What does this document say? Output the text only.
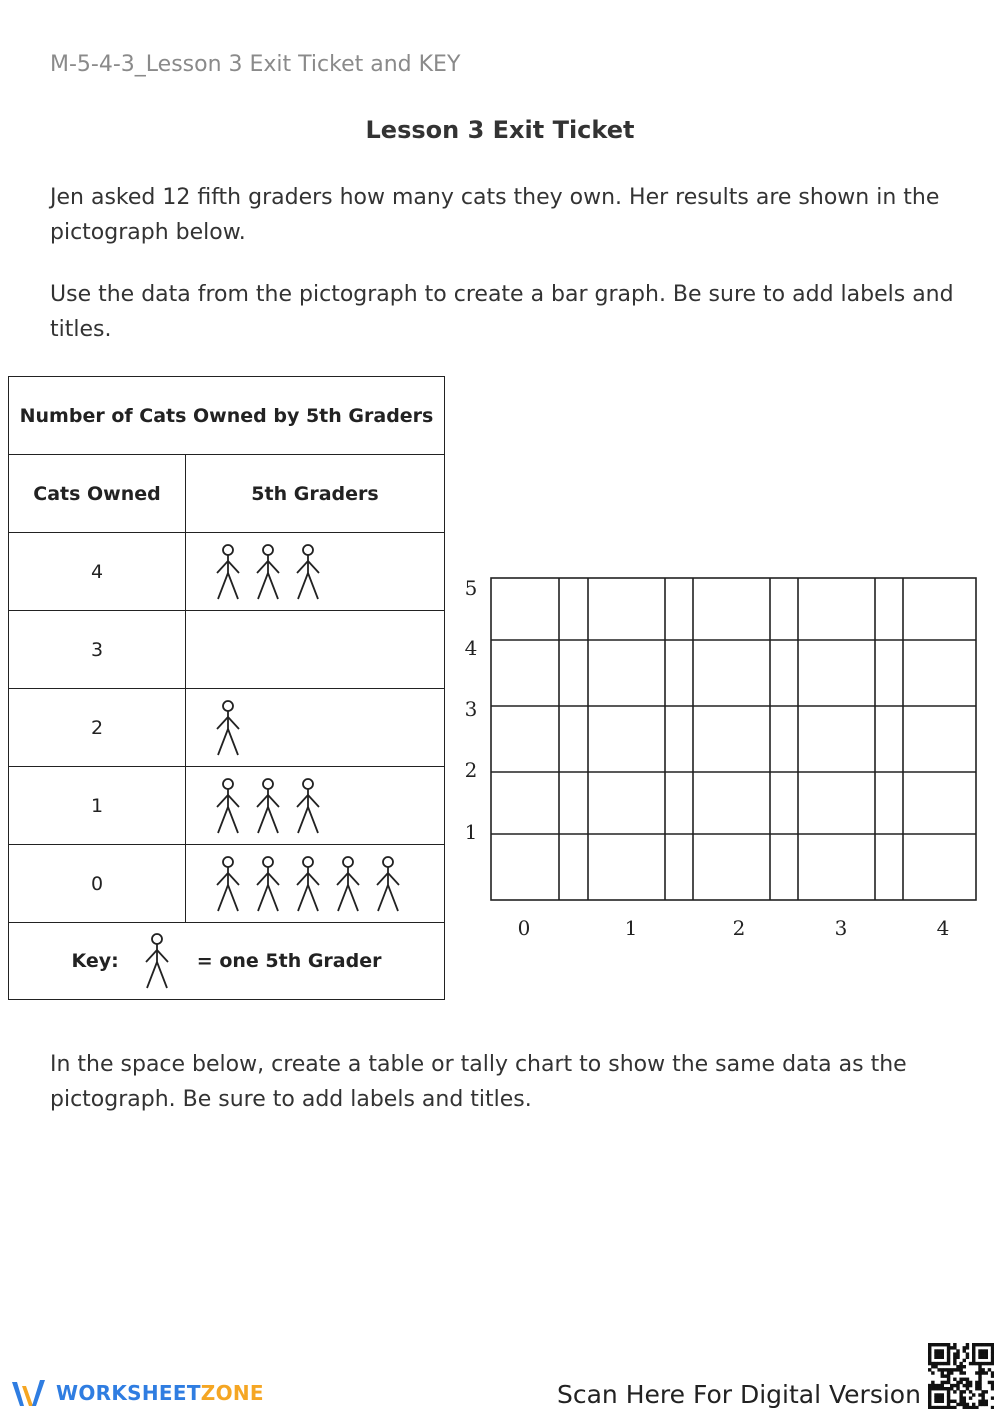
M-5-4-3_Lesson 3 Exit Ticket and KEY
Lesson 3 Exit Ticket

Jen asked 12 fifth graders how many cats they own. Her results are shown in the pictograph below.

Use the data from the pictograph to create a bar graph. Be sure to add labels and titles.

Number of Cats Owned by 5th Graders	
Cats Owned	5th Graders
4	
3	
2	
1	
0	

Key: = one 5th Grader	
5
4
3
2
1
0	1	2	3	4

In the space below, create a table or tally chart to show the same data as the pictograph. Be sure to add labels and titles.

WORKSHEETZONE	Scan Here For Digital Version
